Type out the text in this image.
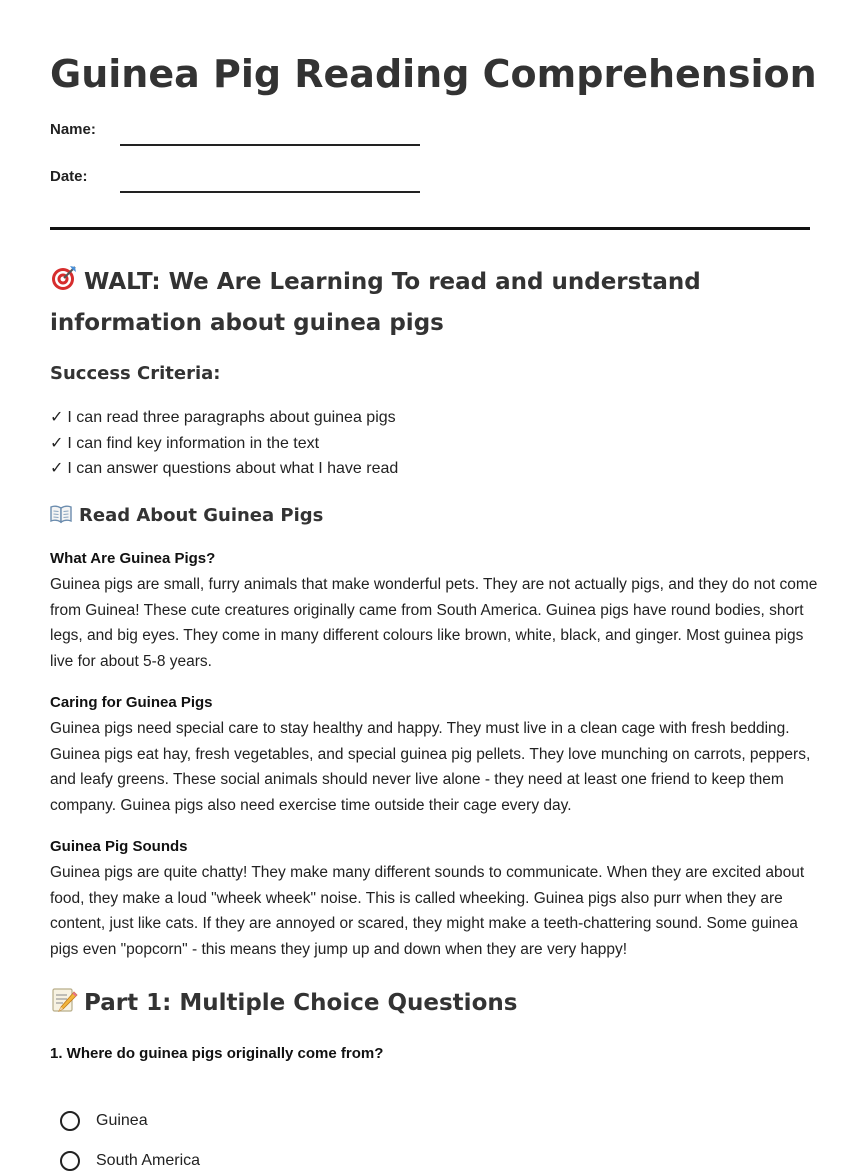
Guinea Pig Reading Comprehension
Name:
Date:
WALT: We Are Learning To read and understand information about guinea pigs
Success Criteria:
✓ I can read three paragraphs about guinea pigs
✓ I can find key information in the text
✓ I can answer questions about what I have read
Read About Guinea Pigs
What Are Guinea Pigs?

Guinea pigs are small, furry animals that make wonderful pets. They are not actually pigs, and they do not come from Guinea! These cute creatures originally came from South America. Guinea pigs have round bodies, short legs, and big eyes. They come in many different colours like brown, white, black, and ginger. Most guinea pigs live for about 5-8 years.

Caring for Guinea Pigs

Guinea pigs need special care to stay healthy and happy. They must live in a clean cage with fresh bedding. Guinea pigs eat hay, fresh vegetables, and special guinea pig pellets. They love munching on carrots, peppers, and leafy greens. These social animals should never live alone - they need at least one friend to keep them company. Guinea pigs also need exercise time outside their cage every day.

Guinea Pig Sounds

Guinea pigs are quite chatty! They make many different sounds to communicate. When they are excited about food, they make a loud "wheek wheek" noise. This is called wheeking. Guinea pigs also purr when they are content, just like cats. If they are annoyed or scared, they might make a teeth-chattering sound. Some guinea pigs even "popcorn" - this means they jump up and down when they are very happy!

Part 1: Multiple Choice Questions

1. Where do guinea pigs originally come from?

Guinea
South America
